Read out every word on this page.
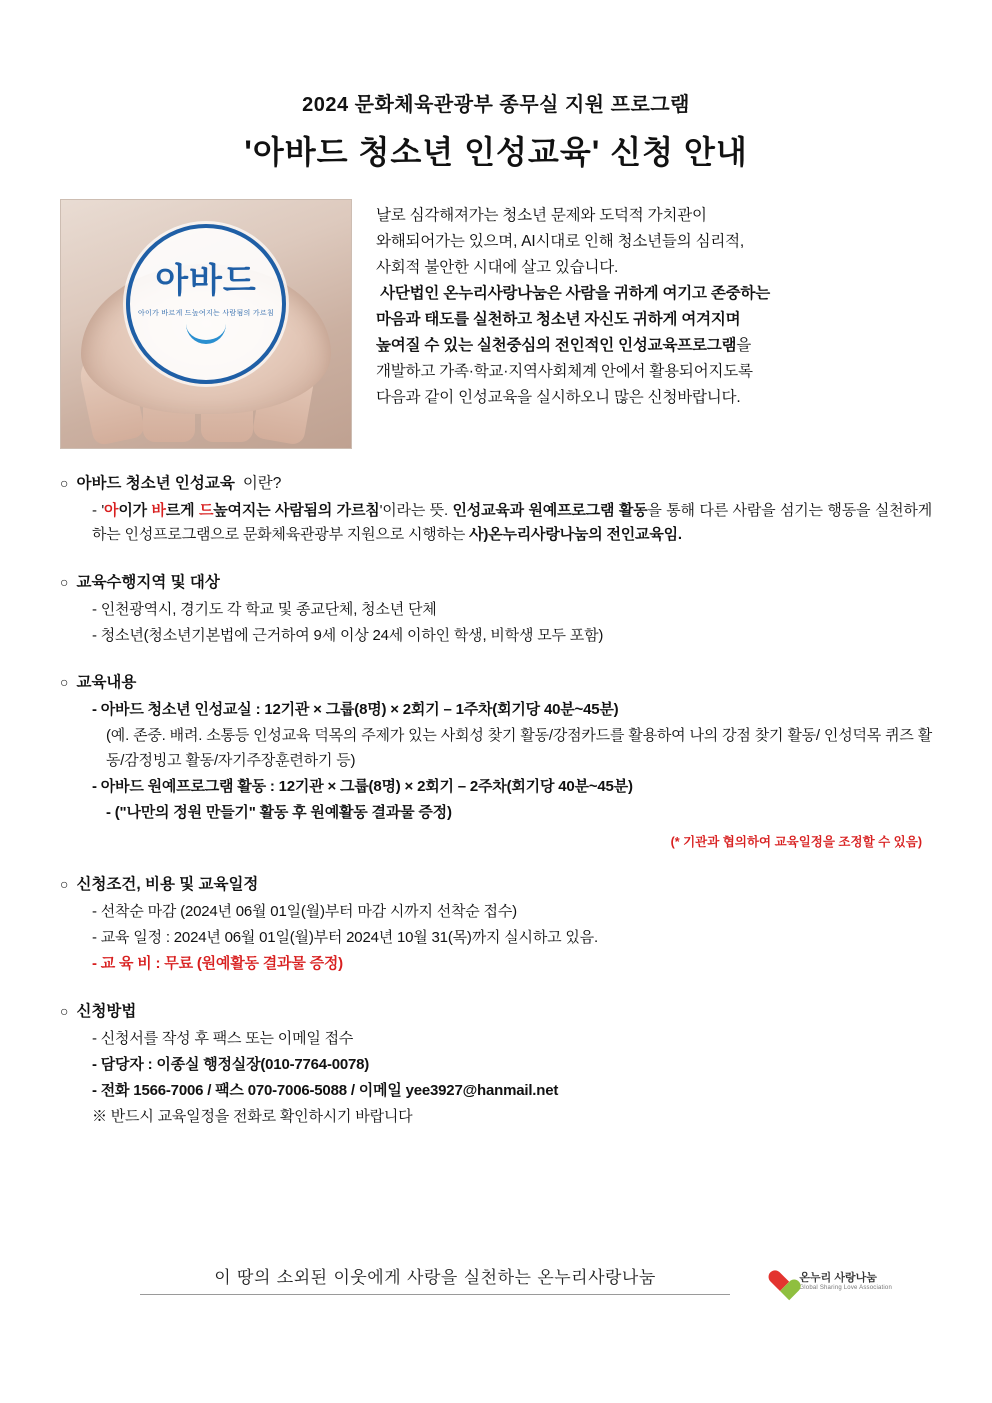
2024 문화체육관광부 종무실 지원 프로그램
'아바드 청소년 인성교육' 신청 안내
아바드
아이가 바르게 드높여지는 사람됨의 가르침

날로 심각해져가는 청소년 문제와 도덕적 가치관이

와해되어가는 있으며, AI시대로 인해 청소년들의 심리적,

사회적 불안한 시대에 살고 있습니다.

사단법인 온누리사랑나눔은 사람을 귀하게 여기고 존중하는

마음과 태도를 실천하고 청소년 자신도 귀하게 여겨지며

높여질 수 있는 실천중심의 전인적인 인성교육프로그램을

개발하고 가족·학교·지역사회체계 안에서 활용되어지도록

다음과 같이 인성교육을 실시하오니 많은 신청바랍니다.

○ 아바드 청소년 인성교육 이란?
- '아이가 바르게 드높여지는 사람됨의 가르침'이라는 뜻. 인성교육과 원예프로그램 활동을 통해 다른 사람을 섬기는 행동을 실천하게 하는 인성프로그램으로 문화체육관광부 지원으로 시행하는 사)온누리사랑나눔의 전인교육임.
○ 교육수행지역 및 대상
- 인천광역시, 경기도 각 학교 및 종교단체, 청소년 단체
- 청소년(청소년기본법에 근거하여 9세 이상 24세 이하인 학생, 비학생 모두 포함)
○ 교육내용
- 아바드 청소년 인성교실 : 12기관 × 그룹(8명) × 2회기 – 1주차(회기당 40분~45분)
(예. 존중. 배려. 소통등 인성교육 덕목의 주제가 있는 사회성 찾기 활동/강점카드를 활용하여 나의 강점 찾기 활동/ 인성덕목 퀴즈 활동/감정빙고 활동/자기주장훈련하기 등)
- 아바드 원예프로그램 활동 : 12기관 × 그룹(8명) × 2회기 – 2주차(회기당 40분~45분)
- ("나만의 정원 만들기" 활동 후 원예활동 결과물 증정)
(* 기관과 협의하여 교육일정을 조정할 수 있음)
○ 신청조건, 비용 및 교육일정
- 선착순 마감 (2024년 06월 01일(월)부터 마감 시까지 선착순 접수)
- 교육 일정 : 2024년 06월 01일(월)부터 2024년 10월 31(목)까지 실시하고 있음.
- 교 육 비 : 무료 (원예활동 결과물 증정)
○ 신청방법
- 신청서를 작성 후 팩스 또는 이메일 접수
- 담당자 : 이종실 행정실장(010-7764-0078)
- 전화 1566-7006 / 팩스 070-7006-5088 / 이메일 yee3927@hanmail.net
※ 반드시 교육일정을 전화로 확인하시기 바랍니다
이 땅의 소외된 이웃에게 사랑을 실천하는 온누리사랑나눔	온누리 사랑나눔
Global Sharing Love Association
